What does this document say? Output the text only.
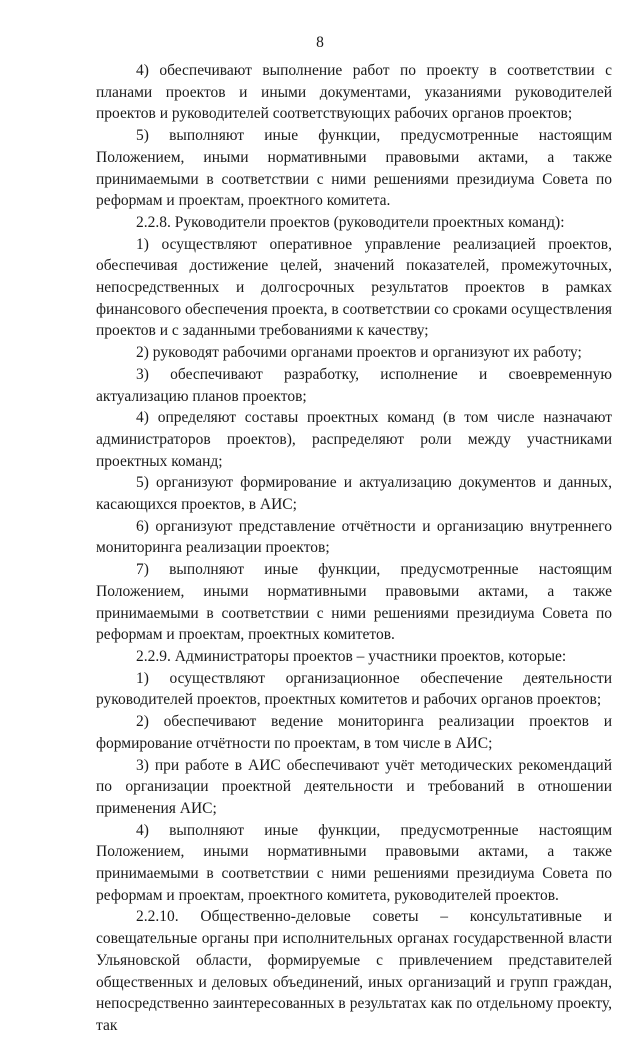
8

4) обеспечивают выполнение работ по проекту в соответствии с планами проектов и иными документами, указаниями руководителей проектов и руководителей соответствующих рабочих органов проектов;

5) выполняют иные функции, предусмотренные настоящим Положением, иными нормативными правовыми актами, а также принимаемыми в соответствии с ними решениями президиума Совета по реформам и проектам, проектного комитета.

2.2.8. Руководители проектов (руководители проектных команд):

1) осуществляют оперативное управление реализацией проектов, обеспечивая достижение целей, значений показателей, промежуточных, непосредственных и долгосрочных результатов проектов в рамках финансового обеспечения проекта, в соответствии со сроками осуществления проектов и с заданными требованиями к качеству;

2) руководят рабочими органами проектов и организуют их работу;

3) обеспечивают разработку, исполнение и своевременную актуализацию планов проектов;

4) определяют составы проектных команд (в том числе назначают администраторов проектов), распределяют роли между участниками проектных команд;

5) организуют формирование и актуализацию документов и данных, касающихся проектов, в АИС;

6) организуют представление отчётности и организацию внутреннего мониторинга реализации проектов;

7) выполняют иные функции, предусмотренные настоящим Положением, иными нормативными правовыми актами, а также принимаемыми в соответствии с ними решениями президиума Совета по реформам и проектам, проектных комитетов.

2.2.9. Администраторы проектов – участники проектов, которые:

1) осуществляют организационное обеспечение деятельности руководителей проектов, проектных комитетов и рабочих органов проектов;

2) обеспечивают ведение мониторинга реализации проектов и формирование отчётности по проектам, в том числе в АИС;

3) при работе в АИС обеспечивают учёт методических рекомендаций по организации проектной деятельности и требований в отношении применения АИС;

4) выполняют иные функции, предусмотренные настоящим Положением, иными нормативными правовыми актами, а также принимаемыми в соответствии с ними решениями президиума Совета по реформам и проектам, проектного комитета, руководителей проектов.

2.2.10. Общественно-деловые советы – консультативные и совещательные органы при исполнительных органах государственной власти Ульяновской области, формируемые с привлечением представителей общественных и деловых объединений, иных организаций и групп граждан, непосредственно заинтересованных в результатах как по отдельному проекту, так
